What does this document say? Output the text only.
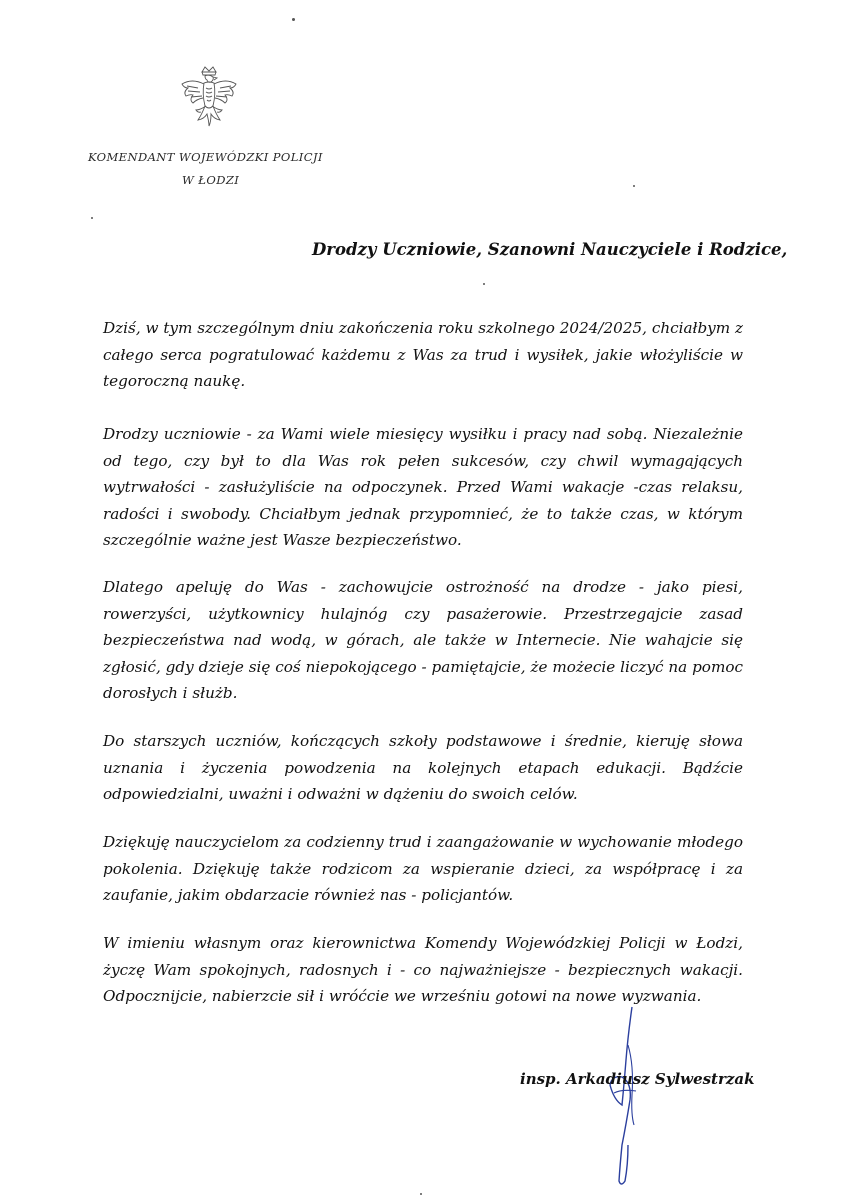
KOMENDANT WOJEWÓDZKI POLICJI
W ŁODZI
Drodzy Uczniowie, Szanowni Nauczyciele i Rodzice,

Dziś, w tym szczególnym dniu zakończenia roku szkolnego 2024/2025, chciałbym z całego serca pogratulować każdemu z Was za trud i wysiłek, jakie włożyliście w tegoroczną naukę.

Drodzy uczniowie - za Wami wiele miesięcy wysiłku i pracy nad sobą. Niezależnie od tego, czy był to dla Was rok pełen sukcesów, czy chwil wymagających wytrwałości - zasłużyliście na odpoczynek. Przed Wami wakacje -czas relaksu, radości i swobody. Chciałbym jednak przypomnieć, że to także czas, w którym szczególnie ważne jest Wasze bezpieczeństwo.

Dlatego apeluję do Was - zachowujcie ostrożność na drodze - jako piesi, rowerzyści, użytkownicy hulajnóg czy pasażerowie. Przestrzegajcie zasad bezpieczeństwa nad wodą, w górach, ale także w Internecie. Nie wahajcie się zgłosić, gdy dzieje się coś niepokojącego - pamiętajcie, że możecie liczyć na pomoc dorosłych i służb.

Do starszych uczniów, kończących szkoły podstawowe i średnie, kieruję słowa uznania i życzenia powodzenia na kolejnych etapach edukacji. Bądźcie odpowiedzialni, uważni i odważni w dążeniu do swoich celów.

Dziękuję nauczycielom za codzienny trud i zaangażowanie w wychowanie młodego pokolenia. Dziękuję także rodzicom za wspieranie dzieci, za współpracę i za zaufanie, jakim obdarzacie również nas - policjantów.

W imieniu własnym oraz kierownictwa Komendy Wojewódzkiej Policji w Łodzi, życzę Wam spokojnych, radosnych i - co najważniejsze - bezpiecznych wakacji. Odpocznijcie, nabierzcie sił i wróćcie we wrześniu gotowi na nowe wyzwania.

insp. Arkadiusz Sylwestrzak
